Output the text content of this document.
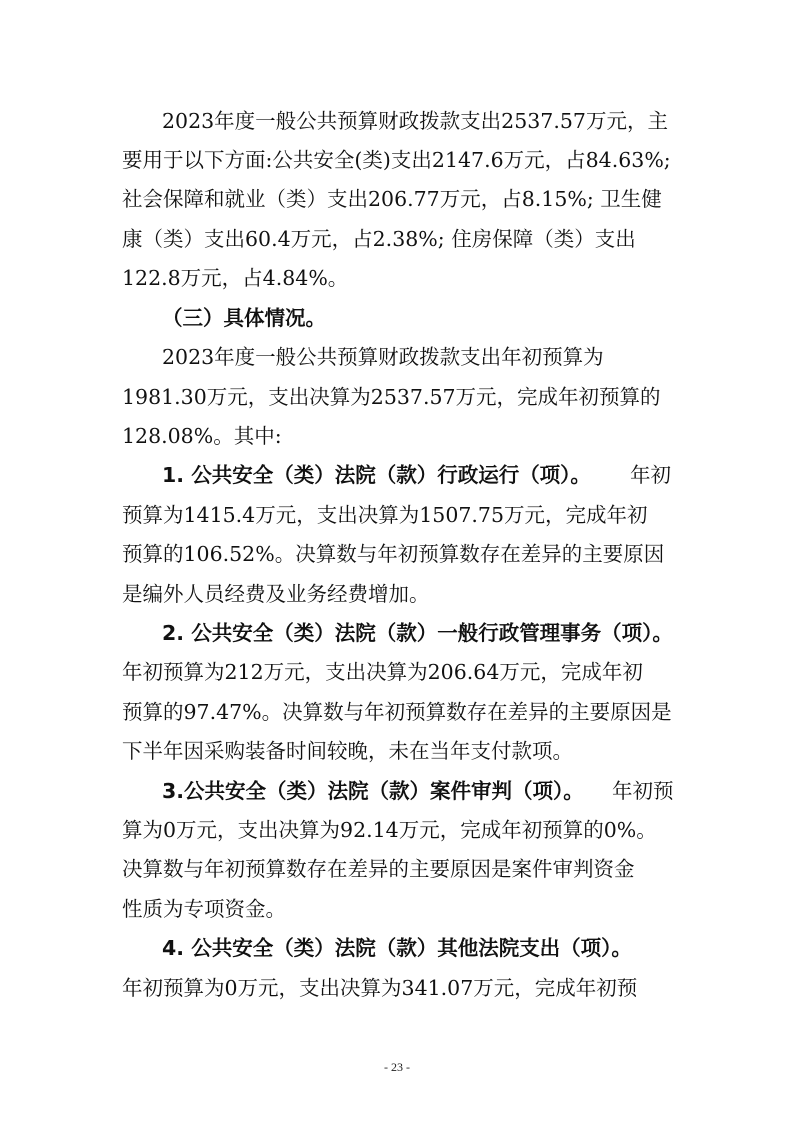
2023年度一般公共预算财政拨款支出2537.57万元，主
要用于以下方面:公共安全(类)支出2147.6万元，占84.63%;
社会保障和就业（类）支出206.77万元，占8.15%; 卫生健
康（类）支出60.4万元，占2.38%; 住房保障（类）支出
122.8万元，占4.84%。
（三）具体情况。
2023年度一般公共预算财政拨款支出年初预算为
1981.30万元，支出决算为2537.57万元，完成年初预算的
128.08%。其中:
1. 公共安全（类）法院（款）行政运行（项）。 年初
预算为1415.4万元，支出决算为1507.75万元，完成年初
预算的106.52%。决算数与年初预算数存在差异的主要原因
是编外人员经费及业务经费增加。
2. 公共安全（类）法院（款）一般行政管理事务（项）。
年初预算为212万元，支出决算为206.64万元，完成年初
预算的97.47%。决算数与年初预算数存在差异的主要原因是
下半年因采购装备时间较晚，未在当年支付款项。
3.公共安全（类）法院（款）案件审判（项）。 年初预
算为0万元，支出决算为92.14万元，完成年初预算的0%。
决算数与年初预算数存在差异的主要原因是案件审判资金
性质为专项资金。
4. 公共安全（类）法院（款）其他法院支出（项）。
年初预算为0万元，支出决算为341.07万元，完成年初预
- 23 -
